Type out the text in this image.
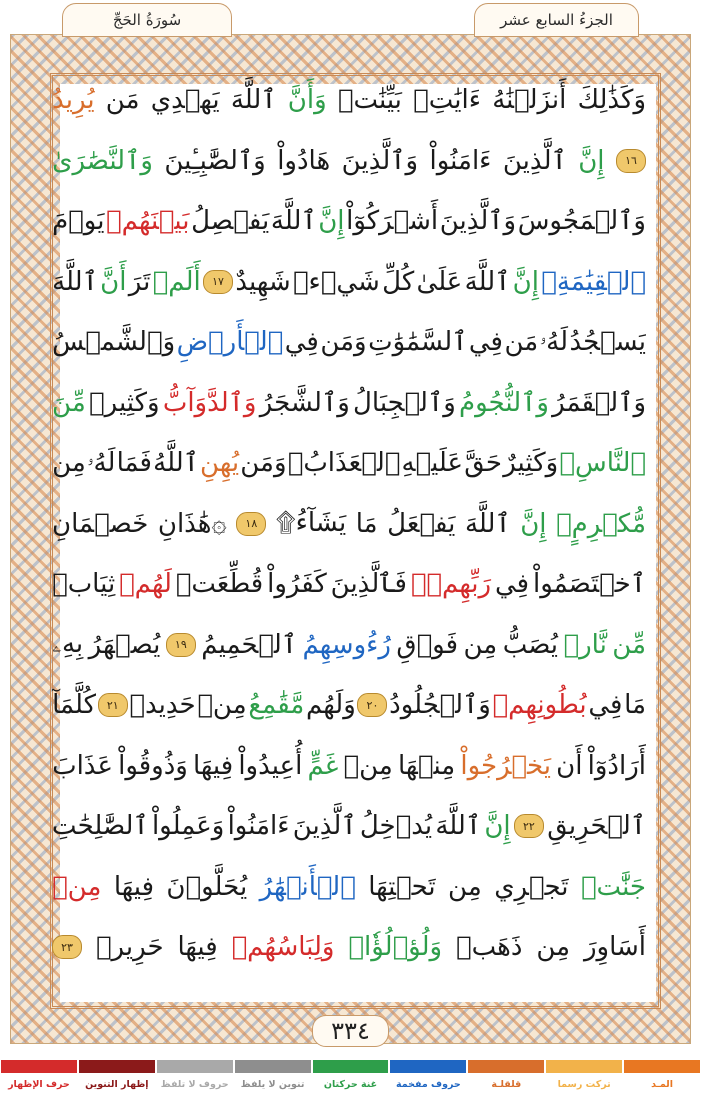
سُورَةُ الحَجِّ	الجزءُ السابع عشر
وَكَذَٰلِكَ
أَنزَلۡنَٰهُ
ءَايَٰتِۭ
بَيِّنَٰتٖ
وَأَنَّ
ٱللَّهَ
يَهۡدِي
مَن
يُرِيدُ
١٦
إِنَّ
ٱلَّذِينَ
ءَامَنُواْ
وَٱلَّذِينَ
هَادُواْ
وَٱلصَّٰبِـِٔينَ
وَٱلنَّصَٰرَىٰ
وَٱلۡمَجُوسَ
وَٱلَّذِينَ
أَشۡرَكُوٓاْ
إِنَّ
ٱللَّهَ
يَفۡصِلُ
بَيۡنَهُمۡ
يَوۡمَ
ٱلۡقِيَٰمَةِۚ
إِنَّ
ٱللَّهَ
عَلَىٰ
كُلِّ
شَيۡءٖ
شَهِيدٌ
١٧
أَلَمۡ
تَرَ
أَنَّ
ٱللَّهَ
يَسۡجُدُ
لَهُۥ
مَن
فِي
ٱلسَّمَٰوَٰتِ
وَمَن
فِي
ٱلۡأَرۡضِ
وَٱلشَّمۡسُ
وَٱلۡقَمَرُ
وَٱلنُّجُومُ
وَٱلۡجِبَالُ
وَٱلشَّجَرُ
وَٱلدَّوَآبُّ
وَكَثِيرٞ
مِّنَ
ٱلنَّاسِۖ
وَكَثِيرٌ
حَقَّ
عَلَيۡهِ
ٱلۡعَذَابُۗ
وَمَن
يُهِنِ
ٱللَّهُ
فَمَا
لَهُۥ
مِن
مُّكۡرِمٍۚ
إِنَّ
ٱللَّهَ
يَفۡعَلُ
مَا
يَشَآءُ۩
١٨
۞هَٰذَانِ
خَصۡمَانِ
ٱخۡتَصَمُواْ
فِي
رَبِّهِمۡۖ
فَٱلَّذِينَ
كَفَرُواْ
قُطِّعَتۡ
لَهُمۡ
ثِيَابٞ
مِّن
نَّارٖ
يُصَبُّ
مِن
فَوۡقِ
رُءُوسِهِمُ
ٱلۡحَمِيمُ
١٩
يُصۡهَرُ
بِهِۦ
مَا
فِي
بُطُونِهِمۡ
وَٱلۡجُلُودُ
٢٠
وَلَهُم
مَّقَٰمِعُ
مِنۡ
حَدِيدٖ
٢١
كُلَّمَآ
أَرَادُوٓاْ
أَن
يَخۡرُجُواْ
مِنۡهَا
مِنۡ
غَمٍّ
أُعِيدُواْ
فِيهَا
وَذُوقُواْ
عَذَابَ
ٱلۡحَرِيقِ
٢٢
إِنَّ
ٱللَّهَ
يُدۡخِلُ
ٱلَّذِينَ
ءَامَنُواْ
وَعَمِلُواْ
ٱلصَّٰلِحَٰتِ
جَنَّٰتٖ
تَجۡرِي
مِن
تَحۡتِهَا
ٱلۡأَنۡهَٰرُ
يُحَلَّوۡنَ
فِيهَا
مِنۡ
أَسَاوِرَ
مِن
ذَهَبٖ
وَلُؤۡلُؤٗاۖ
وَلِبَاسُهُمۡ
فِيهَا
حَرِيرٞ
٢٣
٣٣٤
المـد
تركت رسما
قلقلـة
حروف مفخمة
غنة حركتان
تنوين لا يلفظ
حروف لا تلفظ
إظهار التنوين
حرف الإظهار
